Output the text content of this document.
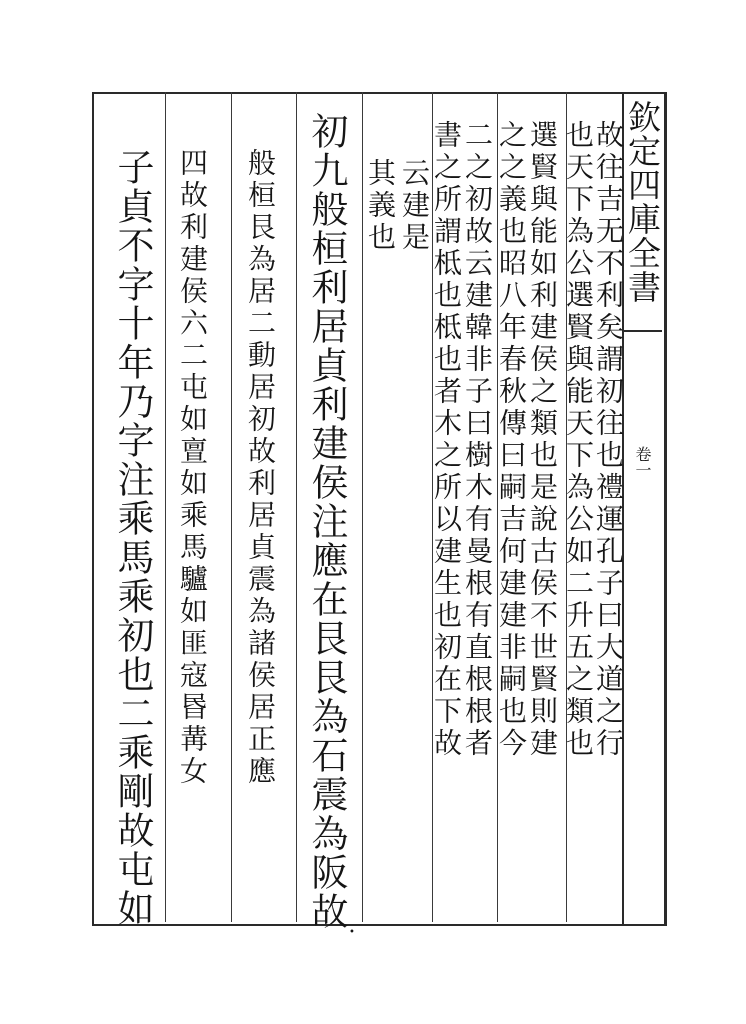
欽定四庫全書
卷一
故往吉无不利矣謂初往也禮運孔子曰大道之行
也天下為公選賢與能天下為公如二升五之類也
選賢與能如利建侯之類也是說古侯不世賢則建
之之義也昭八年春秋傳曰嗣吉何建建非嗣也今
二之初故云建韓非子曰樹木有曼根有直根根者
書之所謂柢也柢也者木之所以建生也初在下故
云建是
其義也
初九般桓利居貞利建侯注應在艮艮為石震為阪故
般桓艮為居二動居初故利居貞震為諸侯居正應
四故利建侯六二屯如亶如乘馬驢如匪寇昬冓女
子貞不字十年乃字注乘馬乘初也二乘剛故屯如
•
